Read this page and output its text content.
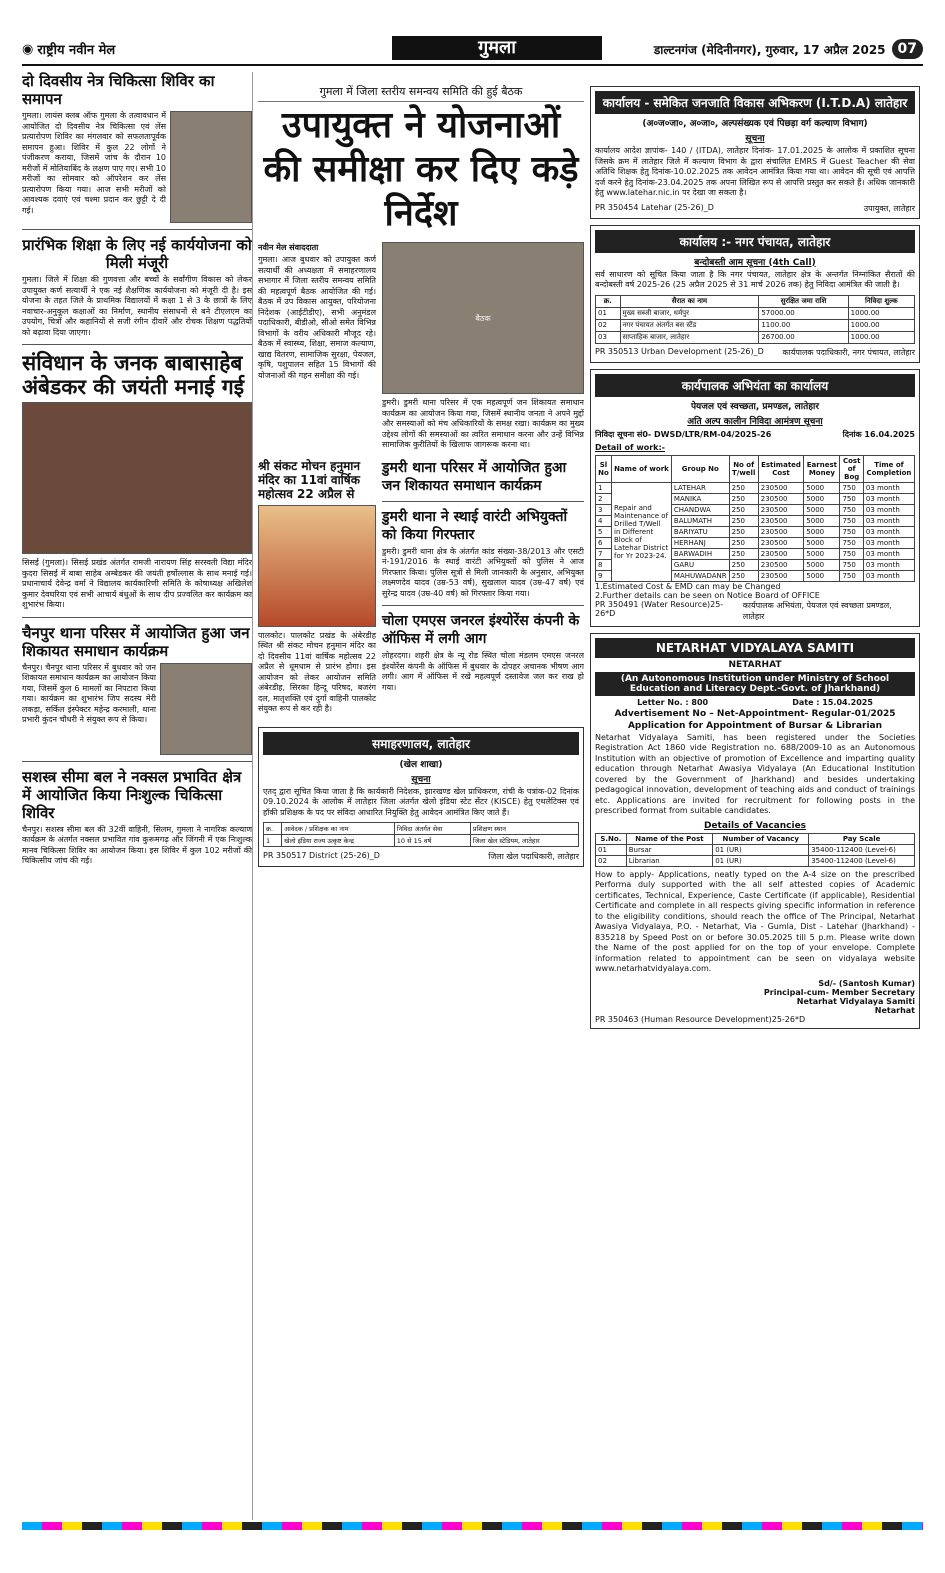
◉ राष्ट्रीय नवीन मेल	गुमला	डाल्टनगंज (मेदिनीनगर), गुरुवार, 17 अप्रैल 2025 07
दो दिवसीय नेत्र चिकित्सा शिविर का समापन

गुमला। लायंस क्लब ऑफ गुमला के तत्वावधान में आयोजित दो दिवसीय नेत्र चिकित्सा एवं लेंस प्रत्यारोपण शिविर का मंगलवार को सफलतापूर्वक समापन हुआ। शिविर में कुल 22 लोगों ने पंजीकरण कराया, जिसमें जांच के दौरान 10 मरीजों में मोतियाबिंद के लक्षण पाए गए। सभी 10 मरीजों का सोमवार को ऑपरेशन कर लेंस प्रत्यारोपण किया गया। आज सभी मरीजों को आवश्यक दवाएं एवं चश्मा प्रदान कर छुट्टी दे दी गई।

प्रारंभिक शिक्षा के लिए नई कार्ययोजना को मिली मंजूरी

गुमला। जिले में शिक्षा की गुणवत्ता और बच्चों के सर्वांगीण विकास को लेकर उपायुक्त कर्ण सत्यार्थी ने एक नई शैक्षणिक कार्ययोजना को मंजूरी दी है। इस योजना के तहत जिले के प्राथमिक विद्यालयों में कक्षा 1 से 3 के छात्रों के लिए नवाचार-अनुकूल कक्षाओं का निर्माण, स्थानीय संसाधनों से बने टीएलएम का उपयोग, चित्रों और कहानियों से सजी रंगीन दीवारें और रोचक शिक्षण पद्धतियों को बढ़ावा दिया जाएगा।

संविधान के जनक बाबासाहेब अंबेडकर की जयंती मनाई गई

सिसई (गुमला)। सिसई प्रखंड अंतर्गत रामजी नारायण सिंह सरस्वती विद्या मंदिर कुदरा सिसई में बाबा साहेब अम्बेडकर की जयंती हर्षोल्लास के साथ मनाई गई। प्रधानाचार्य देवेन्द्र वर्मा ने विद्यालय कार्यकारिणी समिति के कोषाध्यक्ष अखिलेश कुमार देवघरिया एवं सभी आचार्य बंधुओं के साथ दीप प्रज्वलित कर कार्यक्रम का शुभारंभ किया।

चैनपुर थाना परिसर में आयोजित हुआ जन शिकायत समाधान कार्यक्रम

चैनपुर। चैनपुर थाना परिसर में बुधवार को जन शिकायत समाधान कार्यक्रम का आयोजन किया गया, जिसमें कुल 6 मामलों का निपटारा किया गया। कार्यक्रम का शुभारंभ जिप सदस्य मेरी लकड़ा, सर्किल इंस्पेक्टर महेन्द्र करमाली, थाना प्रभारी कुंदन चौधरी ने संयुक्त रूप से किया।

सशस्त्र सीमा बल ने नक्सल प्रभावित क्षेत्र में आयोजित किया निःशुल्क चिकित्सा शिविर

चैनपुर। सशस्त्र सीमा बल की 32वीं वाहिनी, सिलम, गुमला ने नागरिक कल्याण कार्यक्रम के अंतर्गत नक्सल प्रभावित गांव कुरूमगढ़ और जिंगनी में एक निःशुल्क मानव चिकित्सा शिविर का आयोजन किया। इस शिविर में कुल 102 मरीजों की चिकित्सीय जांच की गई।

गुमला में जिला स्तरीय समन्वय समिति की हुई बैठक
उपायुक्त ने योजनाओं की समीक्षा कर दिए कड़े निर्देश
नवीन मेल संवाददाता

गुमला। आज बुधवार को उपायुक्त कर्ण सत्यार्थी की अध्यक्षता में समाहरणालय सभागार में जिला स्तरीय समन्वय समिति की महत्वपूर्ण बैठक आयोजित की गई। बैठक में उप विकास आयुक्त, परियोजना निदेशक (आईटीडीए), सभी अनुमंडल पदाधिकारी, बीडीओ, सीओ समेत विभिन्न विभागों के वरीय अधिकारी मौजूद रहे। बैठक में स्वास्थ्य, शिक्षा, समाज कल्याण, खाद्य वितरण, सामाजिक सुरक्षा, पेयजल, कृषि, पशुपालन सहित 15 विभागों की योजनाओं की गहन समीक्षा की गई।

बैठक

डुमरी। डुमरी थाना परिसर में एक महत्वपूर्ण जन शिकायत समाधान कार्यक्रम का आयोजन किया गया, जिसमें स्थानीय जनता ने अपने मुद्दों और समस्याओं को मंच अधिकारियों के समक्ष रखा। कार्यक्रम का मुख्य उद्देश्य लोगों की समस्याओं का त्वरित समाधान करना और उन्हें विभिन्न सामाजिक कुरीतियों के खिलाफ जागरूक करना था।

श्री संकट मोचन हनुमान मंदिर का 11वां वार्षिक महोत्सव 22 अप्रैल से

पालकोट। पालकोट प्रखंड के अंबेरडीह स्थित श्री संकट मोचन हनुमान मंदिर का दो दिवसीय 11वां वार्षिक महोत्सव 22 अप्रैल से धूमधाम से प्रारंभ होगा। इस आयोजन को लेकर आयोजन समिति अंबेरडीह, सिरका हिन्दू परिषद, बजरंग दल, मातृशक्ति एवं दुर्गा वाहिनी पालकोट संयुक्त रूप से कर रही है।

डुमरी थाना परिसर में आयोजित हुआ जन शिकायत समाधान कार्यक्रम
डुमरी थाना ने स्थाई वारंटी अभियुक्तों को किया गिरफ्तार

डुमरी। डुमरी थाना क्षेत्र के अंतर्गत कांड संख्या-38/2013 और एसटी नं-191/2016 के स्थाई वारंटी अभियुक्तों को पुलिस ने आज गिरफ्तार किया। पुलिस सूत्रों से मिली जानकारी के अनुसार, अभियुक्त लक्ष्मणदेव यादव (उम्र-53 वर्ष), सुखलाल यादव (उम्र-47 वर्ष) एवं सुरेन्द्र यादव (उम्र-40 वर्ष) को गिरफ्तार किया गया।

चोला एमएस जनरल इंश्योरेंस कंपनी के ऑफिस में लगी आग

लोहरदगा। शहरी क्षेत्र के न्यू रोड स्थित चोला मंडलम एमएस जनरल इंश्योरेंस कंपनी के ऑफिस में बुधवार के दोपहर अचानक भीषण आग लगी। आग में ऑफिस में रखे महत्वपूर्ण दस्तावेज जल कर राख हो गया।

समाहरणालय, लातेहार
(खेल शाखा)
सूचना

एतद् द्वारा सूचित किया जाता है कि कार्यकारी निदेशक, झारखण्ड खेल प्राधिकरण, रांची के पत्रांक-02 दिनांक 09.10.2024 के आलोक में लातेहार जिला अंतर्गत खेलो इंडिया स्टेट सेंटर (KISCE) हेतु एथलेटिक्स एवं हॉकी प्रशिक्षक के पद पर संविदा आधारित नियुक्ति हेतु आवेदन आमंत्रित किए जाते हैं।

क्र.	आवेदक / प्रशिक्षक का नाम	निविदा अंतर्गत सेवा	प्रशिक्षण स्थान
1	खेलो इंडिया राज्य उत्कृष्ट केन्द्र	10 से 15 वर्ष	जिला खेल स्टेडियम, लातेहार
PR 350517 District (25-26)_D	जिला खेल पदाधिकारी, लातेहार
कार्यालय - समेकित जनजाति विकास अभिकरण (I.T.D.A) लातेहार
(अ०ज०जा०, अ०जा०, अल्पसंख्यक एवं पिछड़ा वर्ग कल्याण विभाग)
सूचना

कार्यालय आदेश ज्ञापांक- 140 / (ITDA), लातेहार दिनांक- 17.01.2025 के आलोक में प्रकाशित सूचना जिसके क्रम में लातेहार जिले में कल्याण विभाग के द्वारा संचालित EMRS में Guest Teacher की सेवा अतिथि शिक्षक हेतु दिनांक-10.02.2025 तक आवेदन आमंत्रित किया गया था। आवेदन की सूची एवं आपत्ति दर्ज करने हेतु दिनांक-23.04.2025 तक अपना लिखित रूप से आपत्ति प्रस्तुत कर सकते हैं। अधिक जानकारी हेतु www.latehar.nic.in पर देखा जा सकता है।

PR 350454 Latehar (25-26)_D	उपायुक्त, लातेहार
कार्यालय :- नगर पंचायत, लातेहार
बन्दोबस्ती आम सूचना (4th Call)

सर्व साधारण को सूचित किया जाता है कि नगर पंचायत, लातेहार क्षेत्र के अन्तर्गत निम्नांकित सैरातों की बन्दोबस्ती वर्ष 2025-26 (25 अप्रैल 2025 से 31 मार्च 2026 तक) हेतु निविदा आमंत्रित की जाती है।

क्र.	सैरात का नाम	सुरक्षित जमा राशि	निविदा शुल्क
01	मुख्य सब्जी बाजार, धर्मपुर	57000.00	1000.00
02	नगर पंचायत अंतर्गत बस स्टैंड	1100.00	1000.00
03	साप्ताहिक बाजार, लातेहार	26700.00	1000.00
PR 350513 Urban Development (25-26)_D कार्यपालक पदाधिकारी, नगर पंचायत, लातेहार
कार्यपालक अभियंता का कार्यालय
पेयजल एवं स्वच्छता, प्रमण्डल, लातेहार
अति अल्प कालीन निविदा आमंत्रण सूचना
निविदा सूचना सं0- DWSD/LTR/RM-04/2025-26	दिनांक 16.04.2025
Detail of work:-
Sl No	Name of work	Group No	No of T/well	Estimated Cost	Earnest Money	Cost of Bog	Time of Completion
1	Repair and Maintenance of Drilled T/Well in Different Block of Latehar District for Yr 2023-24.	LATEHAR	250	230500	5000	750	03 month
2		MANIKA	250	230500	5000	750	03 month
3		CHANDWA	250	230500	5000	750	03 month
4		BALUMATH	250	230500	5000	750	03 month
5		BARIYATU	250	230500	5000	750	03 month
6		HERHANJ	250	230500	5000	750	03 month
7		BARWADIH	250	230500	5000	750	03 month
8		GARU	250	230500	5000	750	03 month
9		MAHUWADANR	250	230500	5000	750	03 month
1.Estimated Cost & EMD can may be Changed
2.Further details can be seen on Notice Board of OFFICE
PR 350491 (Water Resource)25-26*D
कार्यपालक अभियंता, पेयजल एवं स्वच्छता प्रमण्डल, लातेहार
NETARHAT VIDYALAYA SAMITI
NETARHAT
(An Autonomous Institution under Ministry of School Education and Literacy Dept.-Govt. of Jharkhand)
Letter No. : 800	Date : 15.04.2025
Advertisement No – Net-Appointment- Regular-01/2025
Application for Appointment of Bursar & Librarian

Netarhat Vidyalaya Samiti, has been registered under the Societies Registration Act 1860 vide Registration no. 688/2009-10 as an Autonomous Institution with an objective of promotion of Excellence and imparting quality education through Netarhat Awasiya Vidyalaya (An Educational Institution covered by the Government of Jharkhand) and besides undertaking pedagogical innovation, development of teaching aids and conduct of trainings etc. Applications are invited for recruitment for following posts in the prescribed format from suitable candidates.

Details of Vacancies
S.No.	Name of the Post	Number of Vacancy	Pay Scale
01	Bursar	01 (UR)	35400-112400 (Level-6)
02	Librarian	01 (UR)	35400-112400 (Level-6)

How to apply- Applications, neatly typed on the A-4 size on the prescribed Performa duly supported with the all self attested copies of Academic certificates, Technical, Experience, Caste Certificate (if applicable), Residential Certificate and complete in all respects giving specific information in reference to the eligibility conditions, should reach the office of The Principal, Netarhat Awasiya Vidyalaya, P.O. - Netarhat, Via - Gumla, Dist - Latehar (Jharkhand) - 835218 by Speed Post on or before 30.05.2025 till 5 p.m. Please write down the Name of the post applied for on the top of your envelope. Complete information related to appointment can be seen on vidyalaya website www.netarhatvidyalaya.com.

Sd/- (Santosh Kumar)
Principal-cum- Member Secretary
Netarhat Vidyalaya Samiti
Netarhat
PR 350463 (Human Resource Development)25-26*D
